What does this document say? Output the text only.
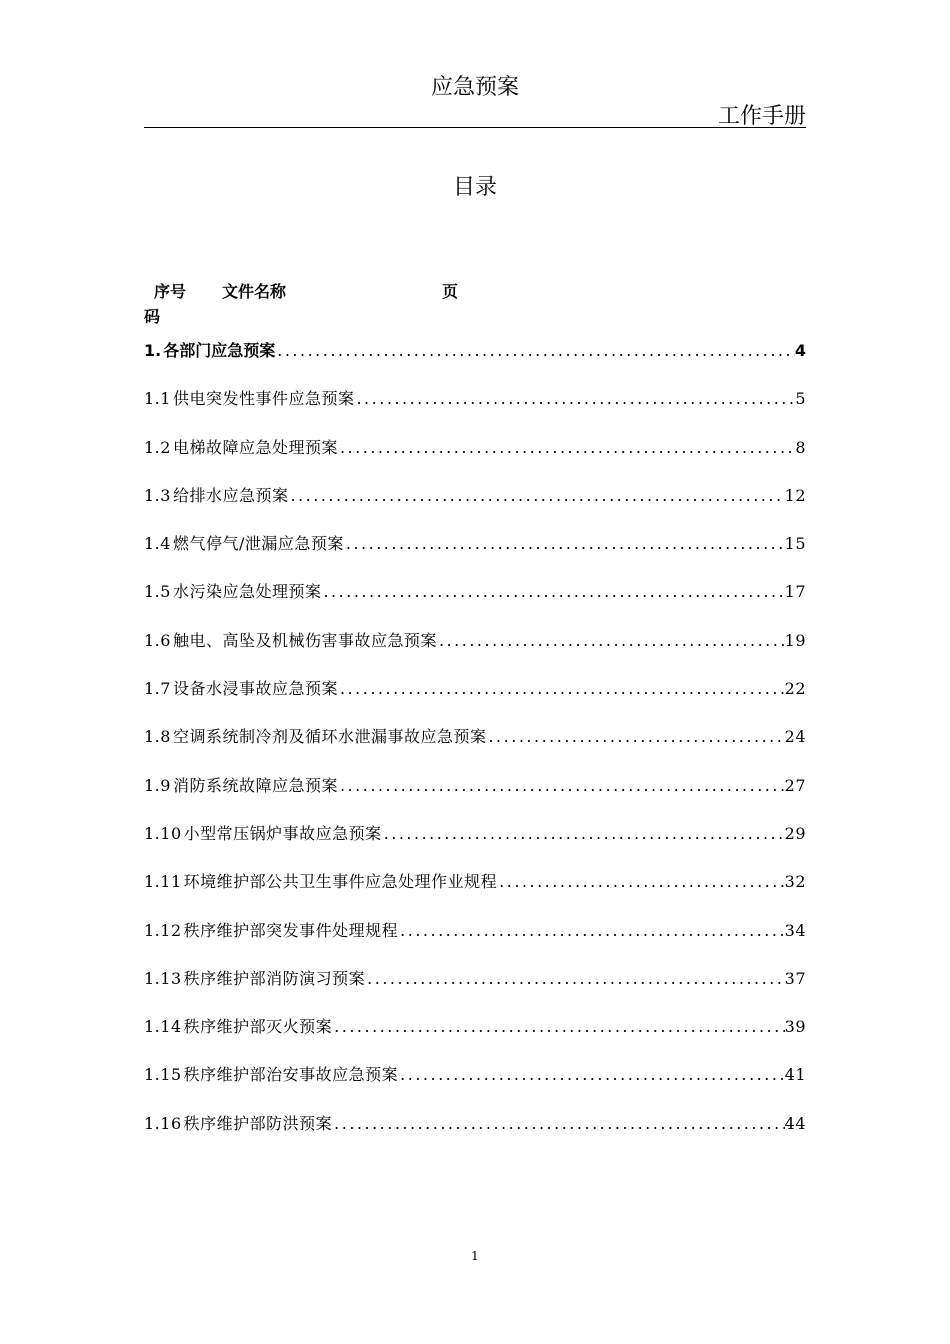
应急预案
工作手册
目录
序号 文件名称	页
码
1. 各部门应急预案 .....	4
1.1 供电突发性事件应急预案 .....	5
1.2 电梯故障应急处理预案 .....	8
1.3 给排水应急预案 .....	12
1.4 燃气停气/泄漏应急预案 .....	15
1.5 水污染应急处理预案 .....	17
1.6 触电、高坠及机械伤害事故应急预案 .....	19
1.7 设备水浸事故应急预案 .....	22
1.8 空调系统制冷剂及循环水泄漏事故应急预案 .....	24
1.9 消防系统故障应急预案 .....	27
1.10 小型常压锅炉事故应急预案 .....	29
1.11 环境维护部公共卫生事件应急处理作业规程 .....	32
1.12 秩序维护部突发事件处理规程 .....	34
1.13 秩序维护部消防演习预案 .....	37
1.14 秩序维护部灭火预案 .....	39
1.15 秩序维护部治安事故应急预案 .....	41
1.16 秩序维护部防洪预案 .....	44
1
